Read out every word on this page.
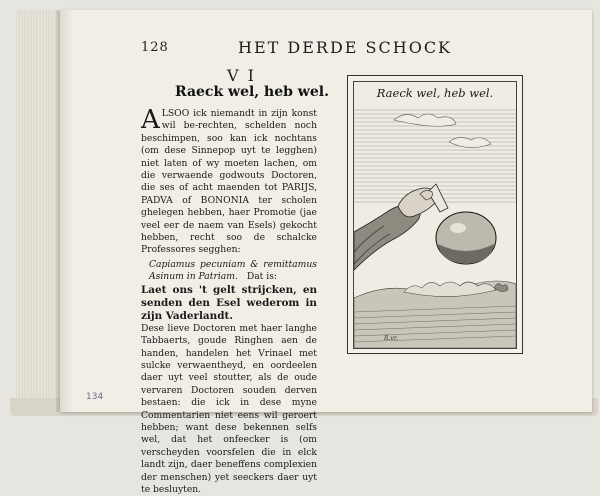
128	HET DERDE SCHOCK
V I
Raeck wel, heb wel.

ALSOO ick niemandt in zijn konst wil be-rechten, schelden noch beschimpen, soo kan ick nochtans (om dese Sinnepop uyt te legghen) niet laten of wy moeten lachen, om die verwaende godwouts Doctoren, die ses of acht maenden tot PARIJS, PADVA of BONONIA ter scholen ghelegen hebben, haer Promotie (jae veel eer de naem van Esels) gekocht hebben, recht soo de schalcke Professores segghen:

Capiamus pecuniam & remittamus Asinum in Patriam. Dat is:

Laet ons 't gelt strijcken, en senden den Esel wederom in zijn Vaderlandt.

Dese lieve Doctoren met haer langhe Tabbaerts, goude Ringhen aen de handen, handelen het Vrinael met sulcke verwaentheyd, en oordeelen daer uyt veel stoutter, als de oude vervaren Doctoren souden derven bestaen: die ick in dese myne Commentarien niet eens wil geroert hebben; want dese bekennen selfs wel, dat het onfeecker is (om verscheyden voorsfelen die in elck landt zijn, daer beneffens complexien der menschen) yet seeckers daer uyt te besluyten.

Raeck wel, heb wel.
R.vr.
134
